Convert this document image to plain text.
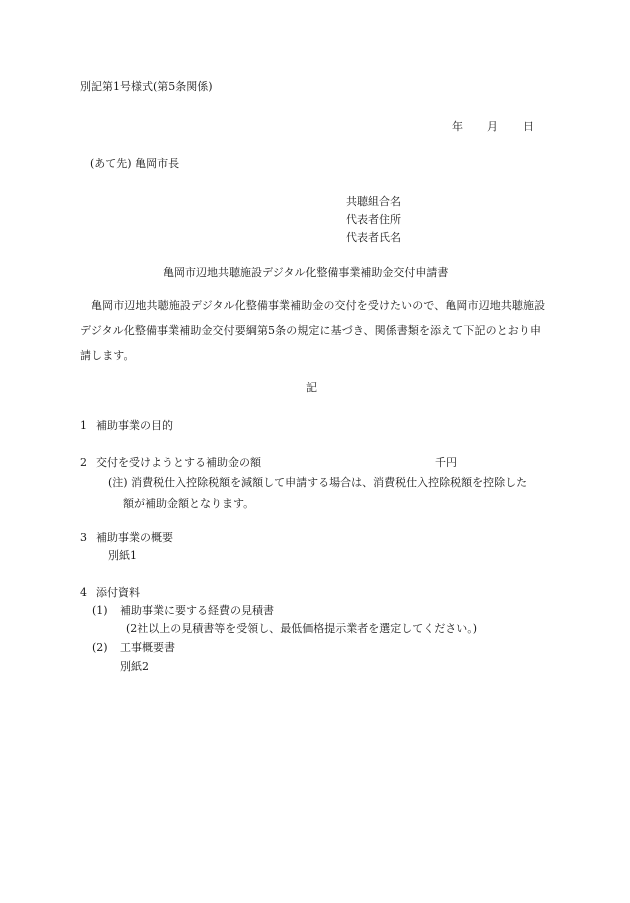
別記第1号様式(第5条関係)
年 月 日
(あて先) 亀岡市長
共聴組合名
代表者住所
代表者氏名
亀岡市辺地共聴施設デジタル化整備事業補助金交付申請書
亀岡市辺地共聴施設デジタル化整備事業補助金の交付を受けたいので、亀岡市辺地共聴施設デジタル化整備事業補助金交付要綱第5条の規定に基づき、関係書類を添えて下記のとおり申請します。
記
1 補助事業の目的
2 交付を受けようとする補助金の額	千円
(注) 消費税仕入控除税額を減額して申請する場合は、消費税仕入控除税額を控除した
額が補助金額となります。
3 補助事業の概要
別紙1
4 添付資料
(1) 補助事業に要する経費の見積書
(2社以上の見積書等を受領し、最低価格提示業者を選定してください。)
(2) 工事概要書
別紙2
